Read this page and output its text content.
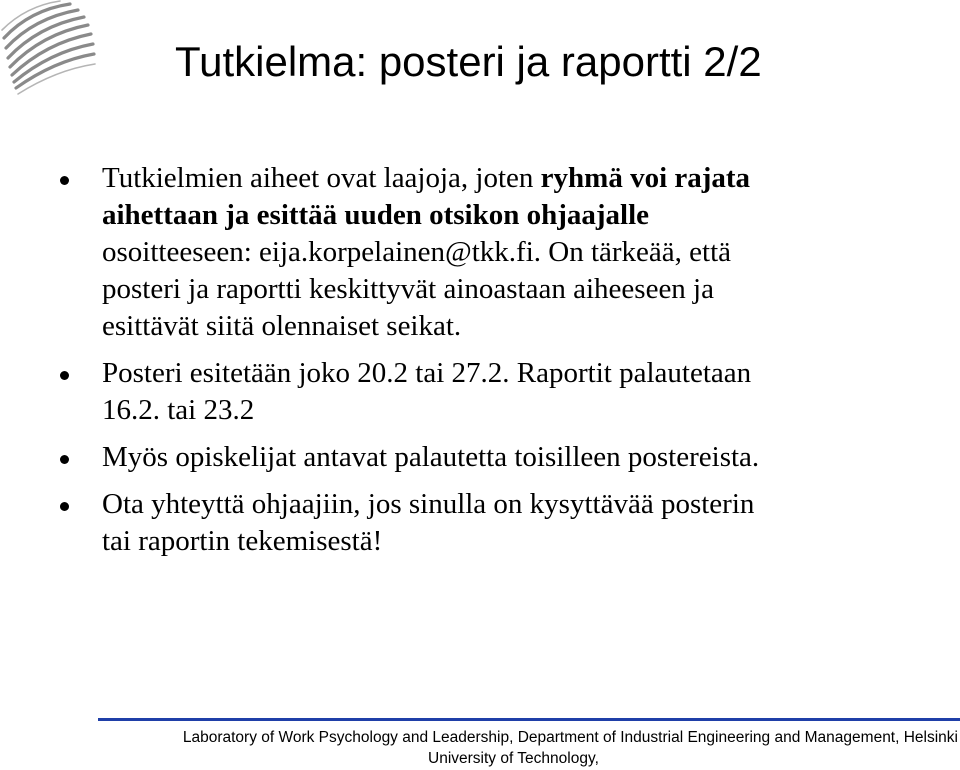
Tutkielma: posteri ja raportti 2/2
Tutkielmien aiheet ovat laajoja, joten ryhmä voi rajata
aihettaan ja esittää uuden otsikon ohjaajalle
osoitteeseen: eija.korpelainen@tkk.fi. On tärkeää, että
posteri ja raportti keskittyvät ainoastaan aiheeseen ja
esittävät siitä olennaiset seikat.
Posteri esitetään joko 20.2 tai 27.2. Raportit palautetaan
16.2. tai 23.2
Myös opiskelijat antavat palautetta toisilleen postereista.
Ota yhteyttä ohjaajiin, jos sinulla on kysyttävää posterin
tai raportin tekemisestä!
Laboratory of Work Psychology and Leadership, Department of Industrial Engineering and Management, Helsinki
University of Technology,
